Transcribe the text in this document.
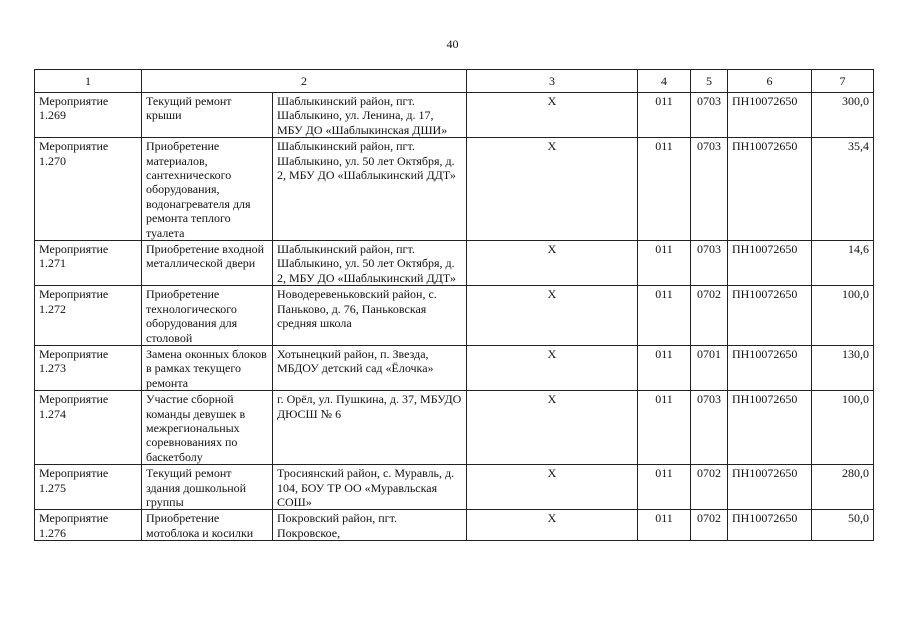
40
1	2		3	4	5	6	7
Мероприятие 1.269	Текущий ремонт крыши	Шаблыкинский район, пгт. Шаблыкино, ул. Ленина, д. 17, МБУ ДО «Шаблыкинская ДШИ»	Х	011	0703	ПН10072650	300,0
Мероприятие 1.270	Приобретение материалов, сантехнического оборудования, водонагревателя для ремонта теплого туалета	Шаблыкинский район, пгт. Шаблыкино, ул. 50 лет Октября, д. 2, МБУ ДО «Шаблыкинский ДДТ»	Х	011	0703	ПН10072650	35,4
Мероприятие 1.271	Приобретение входной металлической двери	Шаблыкинский район, пгт. Шаблыкино, ул. 50 лет Октября, д. 2, МБУ ДО «Шаблыкинский ДДТ»	Х	011	0703	ПН10072650	14,6
Мероприятие 1.272	Приобретение технологического оборудования для столовой	Новодеревеньковский район, с. Паньково, д. 76, Паньковская средняя школа	Х	011	0702	ПН10072650	100,0
Мероприятие 1.273	Замена оконных блоков в рамках текущего ремонта	Хотынецкий район, п. Звезда, МБДОУ детский сад «Ёлочка»	Х	011	0701	ПН10072650	130,0
Мероприятие 1.274	Участие сборной команды девушек в межрегиональных соревнованиях по баскетболу	г. Орёл, ул. Пушкина, д. 37, МБУДО ДЮСШ № 6	Х	011	0703	ПН10072650	100,0
Мероприятие 1.275	Текущий ремонт здания дошкольной группы	Тросиянский район, с. Муравль, д. 104, БОУ ТР ОО «Муравльская СОШ»	Х	011	0702	ПН10072650	280,0
Мероприятие 1.276	Приобретение мотоблока и косилки	Покровский район, пгт. Покровское,	Х	011	0702	ПН10072650	50,0
